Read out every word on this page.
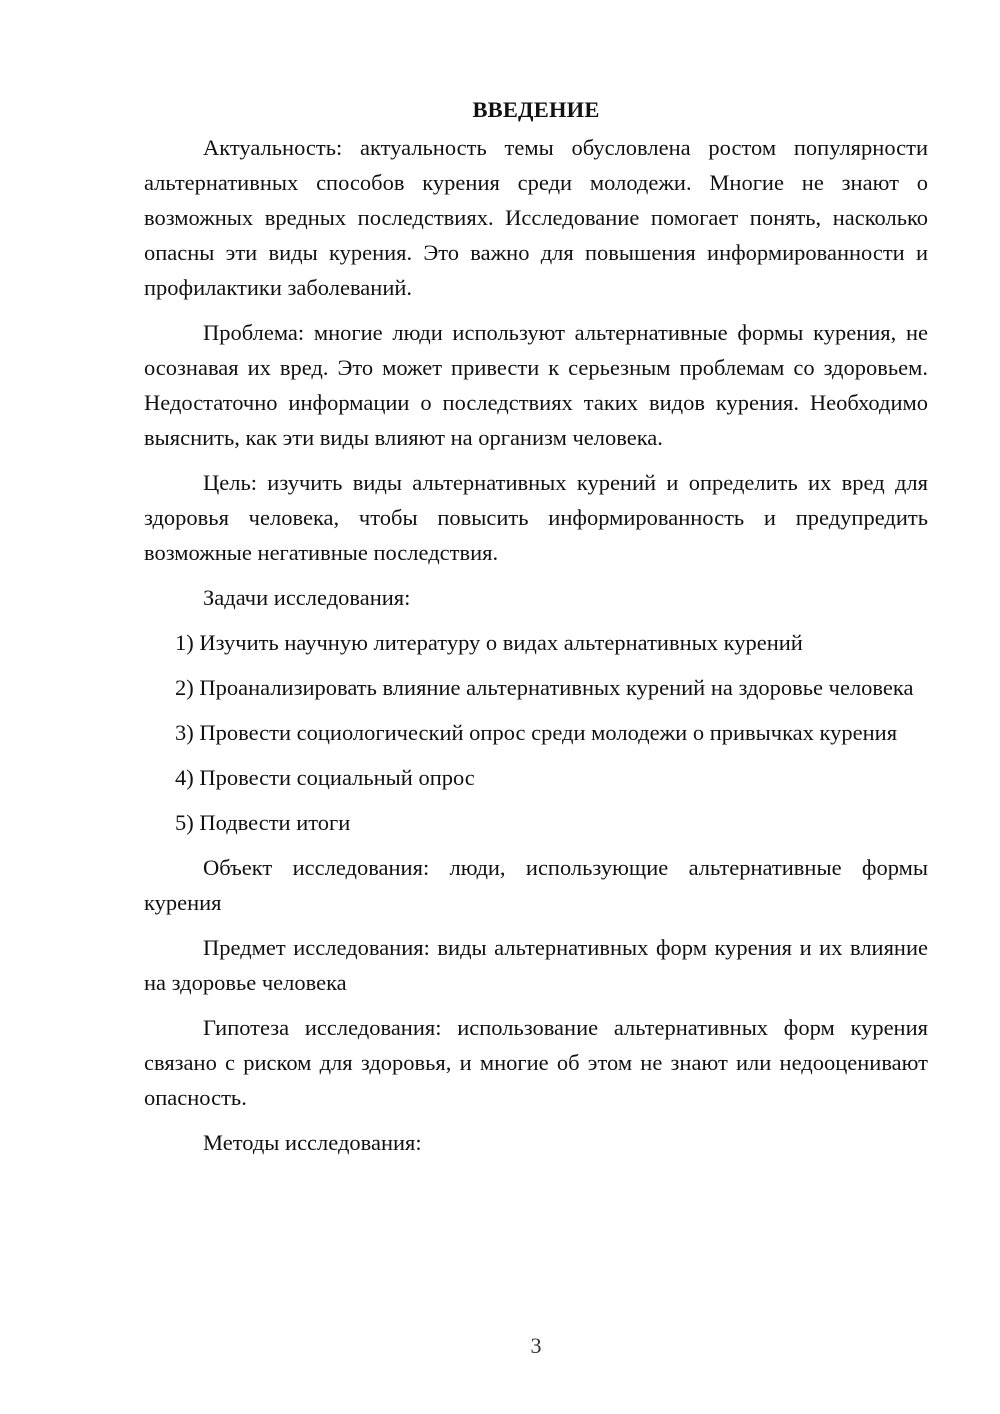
ВВЕДЕНИЕ

Актуальность: актуальность темы обусловлена ростом популярности альтернативных способов курения среди молодежи. Многие не знают о возможных вредных последствиях. Исследование помогает понять, насколько опасны эти виды курения. Это важно для повышения информированности и профилактики заболеваний.

Проблема: многие люди используют альтернативные формы курения, не осознавая их вред. Это может привести к серьезным проблемам со здоровьем. Недостаточно информации о последствиях таких видов курения. Необходимо выяснить, как эти виды влияют на организм человека.

Цель: изучить виды альтернативных курений и определить их вред для здоровья человека, чтобы повысить информированность и предупредить возможные негативные последствия.

Задачи исследования:

1) Изучить научную литературу о видах альтернативных курений

2) Проанализировать влияние альтернативных курений на здоровье человека

3) Провести социологический опрос среди молодежи о привычках курения

4) Провести социальный опрос

5) Подвести итоги

Объект исследования: люди, использующие альтернативные формы курения

Предмет исследования: виды альтернативных форм курения и их влияние на здоровье человека

Гипотеза исследования: использование альтернативных форм курения связано с риском для здоровья, и многие об этом не знают или недооценивают опасность.

Методы исследования:

3
